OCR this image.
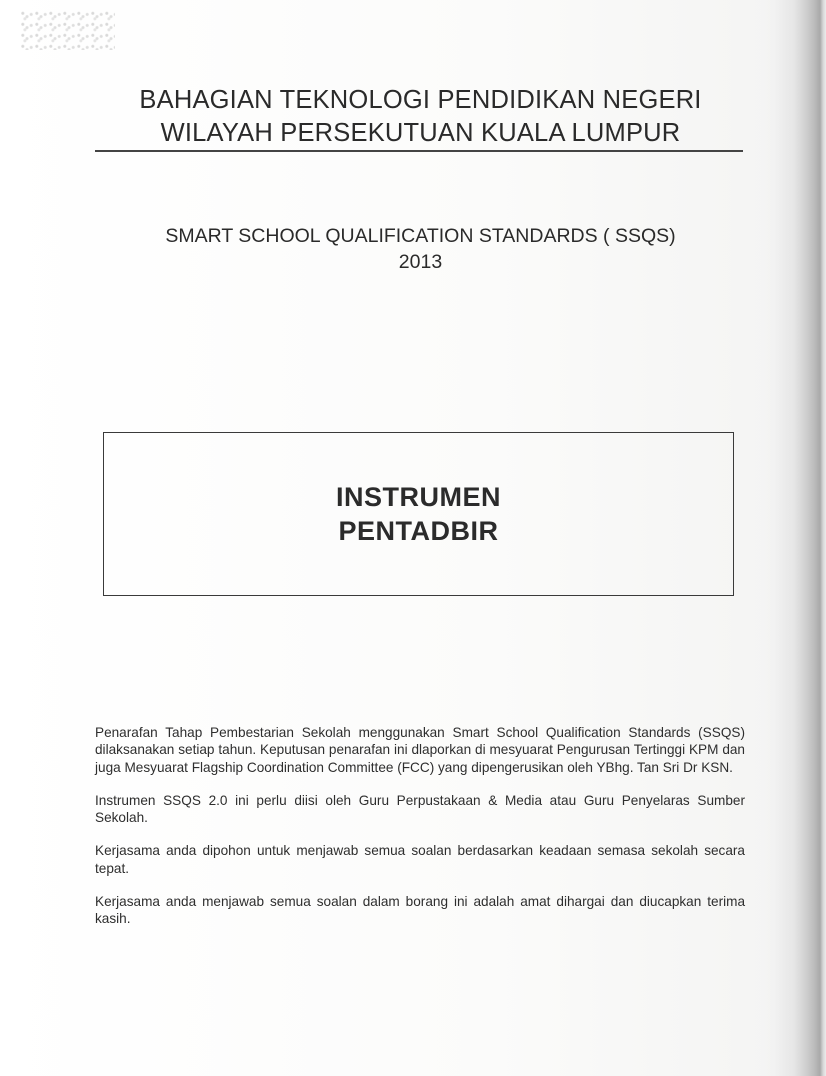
BAHAGIAN TEKNOLOGI PENDIDIKAN NEGERI
WILAYAH PERSEKUTUAN KUALA LUMPUR
SMART SCHOOL QUALIFICATION STANDARDS ( SSQS)
2013
INSTRUMEN
PENTADBIR

Penarafan Tahap Pembestarian Sekolah menggunakan Smart School Qualification Standards (SSQS) dilaksanakan setiap tahun. Keputusan penarafan ini dlaporkan di mesyuarat Pengurusan Tertinggi KPM dan juga Mesyuarat Flagship Coordination Committee (FCC) yang dipengerusikan oleh YBhg. Tan Sri Dr KSN.

Instrumen SSQS 2.0 ini perlu diisi oleh Guru Perpustakaan & Media atau Guru Penyelaras Sumber Sekolah.

Kerjasama anda dipohon untuk menjawab semua soalan berdasarkan keadaan semasa sekolah secara tepat.

Kerjasama anda menjawab semua soalan dalam borang ini adalah amat dihargai dan diucapkan terima kasih.
